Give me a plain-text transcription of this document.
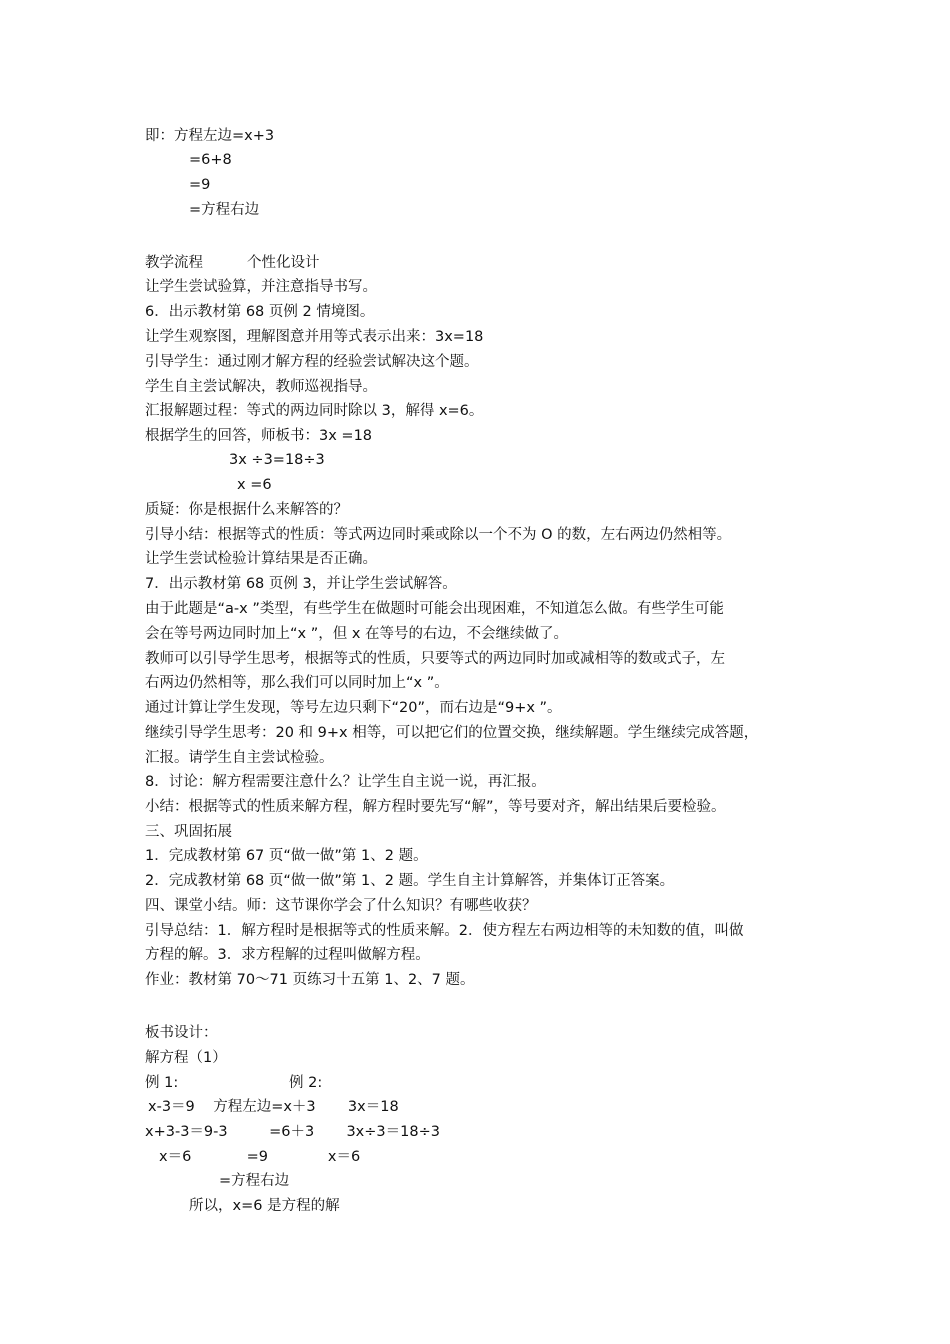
即：方程左边=x+3
=6+8
=9
=方程右边
教学流程	个性化设计
让学生尝试验算，并注意指导书写。
6．出示教材第 68 页例 2 情境图。
让学生观察图，理解图意并用等式表示出来：3x=18
引导学生：通过刚才解方程的经验尝试解决这个题。
学生自主尝试解决，教师巡视指导。
汇报解题过程：等式的两边同时除以 3，解得 x=6。
根据学生的回答，师板书：3x =18
3x ÷3=18÷3
x =6
质疑：你是根据什么来解答的？
引导小结：根据等式的性质：等式两边同时乘或除以一个不为 O 的数，左右两边仍然相等。
让学生尝试检验计算结果是否正确。
7．出示教材第 68 页例 3，并让学生尝试解答。
由于此题是“a-x ”类型，有些学生在做题时可能会出现困难，不知道怎么做。有些学生可能
会在等号两边同时加上“x ”，但 x 在等号的右边，不会继续做了。
教师可以引导学生思考，根据等式的性质，只要等式的两边同时加或减相等的数或式子，左
右两边仍然相等，那么我们可以同时加上“x ”。
通过计算让学生发现，等号左边只剩下“20”，而右边是“9+x ”。
继续引导学生思考：20 和 9+x 相等，可以把它们的位置交换，继续解题。学生继续完成答题，
汇报。请学生自主尝试检验。
8．讨论：解方程需要注意什么？让学生自主说一说，再汇报。
小结：根据等式的性质来解方程，解方程时要先写“解”，等号要对齐，解出结果后要检验。
三、巩固拓展
1．完成教材第 67 页“做一做”第 1、2 题。
2．完成教材第 68 页“做一做”第 1、2 题。学生自主计算解答，并集体订正答案。
四、课堂小结。师：这节课你学会了什么知识？有哪些收获？
引导总结：1．解方程时是根据等式的性质来解。2．使方程左右两边相等的未知数的值，叫做
方程的解。3．求方程解的过程叫做解方程。
作业：教材第 70～71 页练习十五第 1、2、7 题。
板书设计：
解方程（1）
例 1:	例 2:
x-3＝9    方程左边=x＋3       3x＝18
x+3-3＝9-3         =6＋3       3x÷3＝18÷3
x＝6            =9             x＝6
=方程右边
所以，x=6 是方程的解
